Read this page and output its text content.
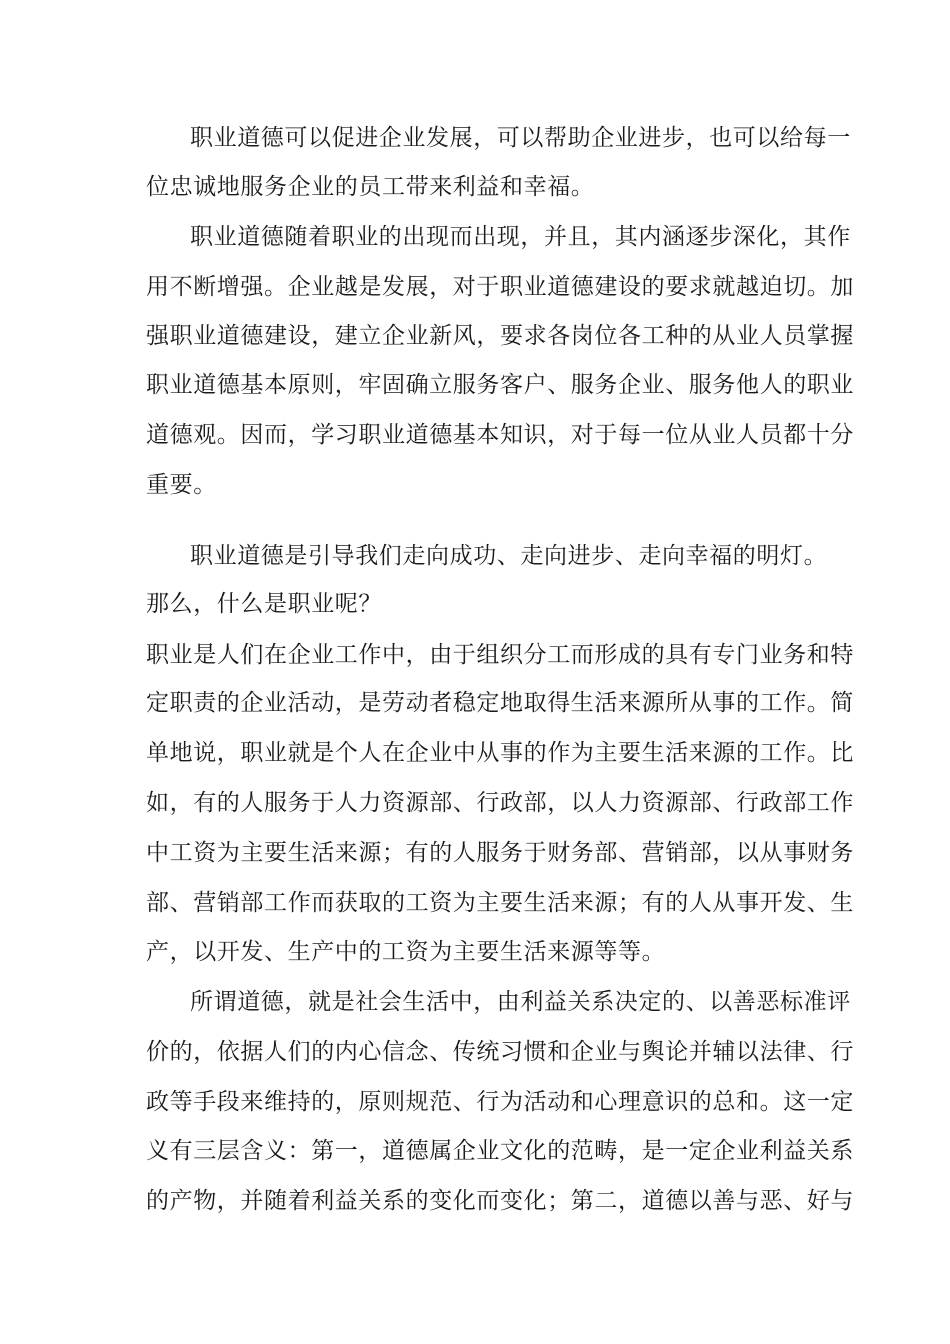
职业道德可以促进企业发展，可以帮助企业进步，也可以给每一
位忠诚地服务企业的员工带来利益和幸福。
职业道德随着职业的出现而出现，并且，其内涵逐步深化，其作
用不断增强。企业越是发展，对于职业道德建设的要求就越迫切。加
强职业道德建设，建立企业新风，要求各岗位各工种的从业人员掌握
职业道德基本原则，牢固确立服务客户、服务企业、服务他人的职业
道德观。因而，学习职业道德基本知识，对于每一位从业人员都十分
重要。
职业道德是引导我们走向成功、走向进步、走向幸福的明灯。
那么，什么是职业呢？
职业是人们在企业工作中，由于组织分工而形成的具有专门业务和特
定职责的企业活动，是劳动者稳定地取得生活来源所从事的工作。简
单地说，职业就是个人在企业中从事的作为主要生活来源的工作。比
如，有的人服务于人力资源部、行政部，以人力资源部、行政部工作
中工资为主要生活来源；有的人服务于财务部、营销部，以从事财务
部、营销部工作而获取的工资为主要生活来源；有的人从事开发、生
产，以开发、生产中的工资为主要生活来源等等。
所谓道德，就是社会生活中，由利益关系决定的、以善恶标准评
价的，依据人们的内心信念、传统习惯和企业与舆论并辅以法律、行
政等手段来维持的，原则规范、行为活动和心理意识的总和。这一定
义有三层含义：第一，道德属企业文化的范畴，是一定企业利益关系
的产物，并随着利益关系的变化而变化；第二，道德以善与恶、好与
